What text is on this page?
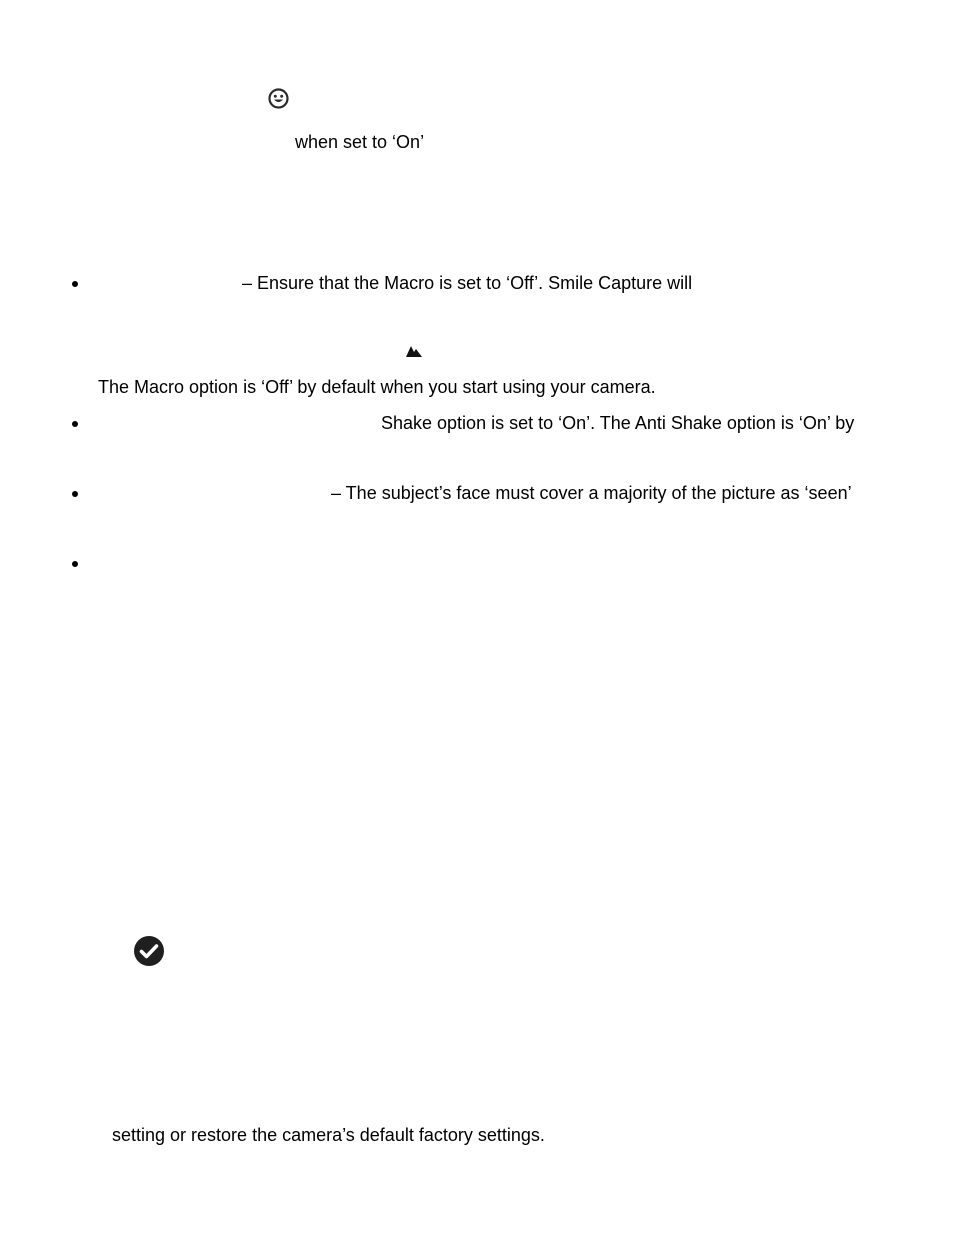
when set to ‘On’
– Ensure that the Macro is set to ‘Off’. Smile Capture will
The Macro option is ‘Off’ by default when you start using your camera.
Shake option is set to ‘On’. The Anti Shake option is ‘On’ by
– The subject’s face must cover a majority of the picture as ‘seen’
setting or restore the camera’s default factory settings.
